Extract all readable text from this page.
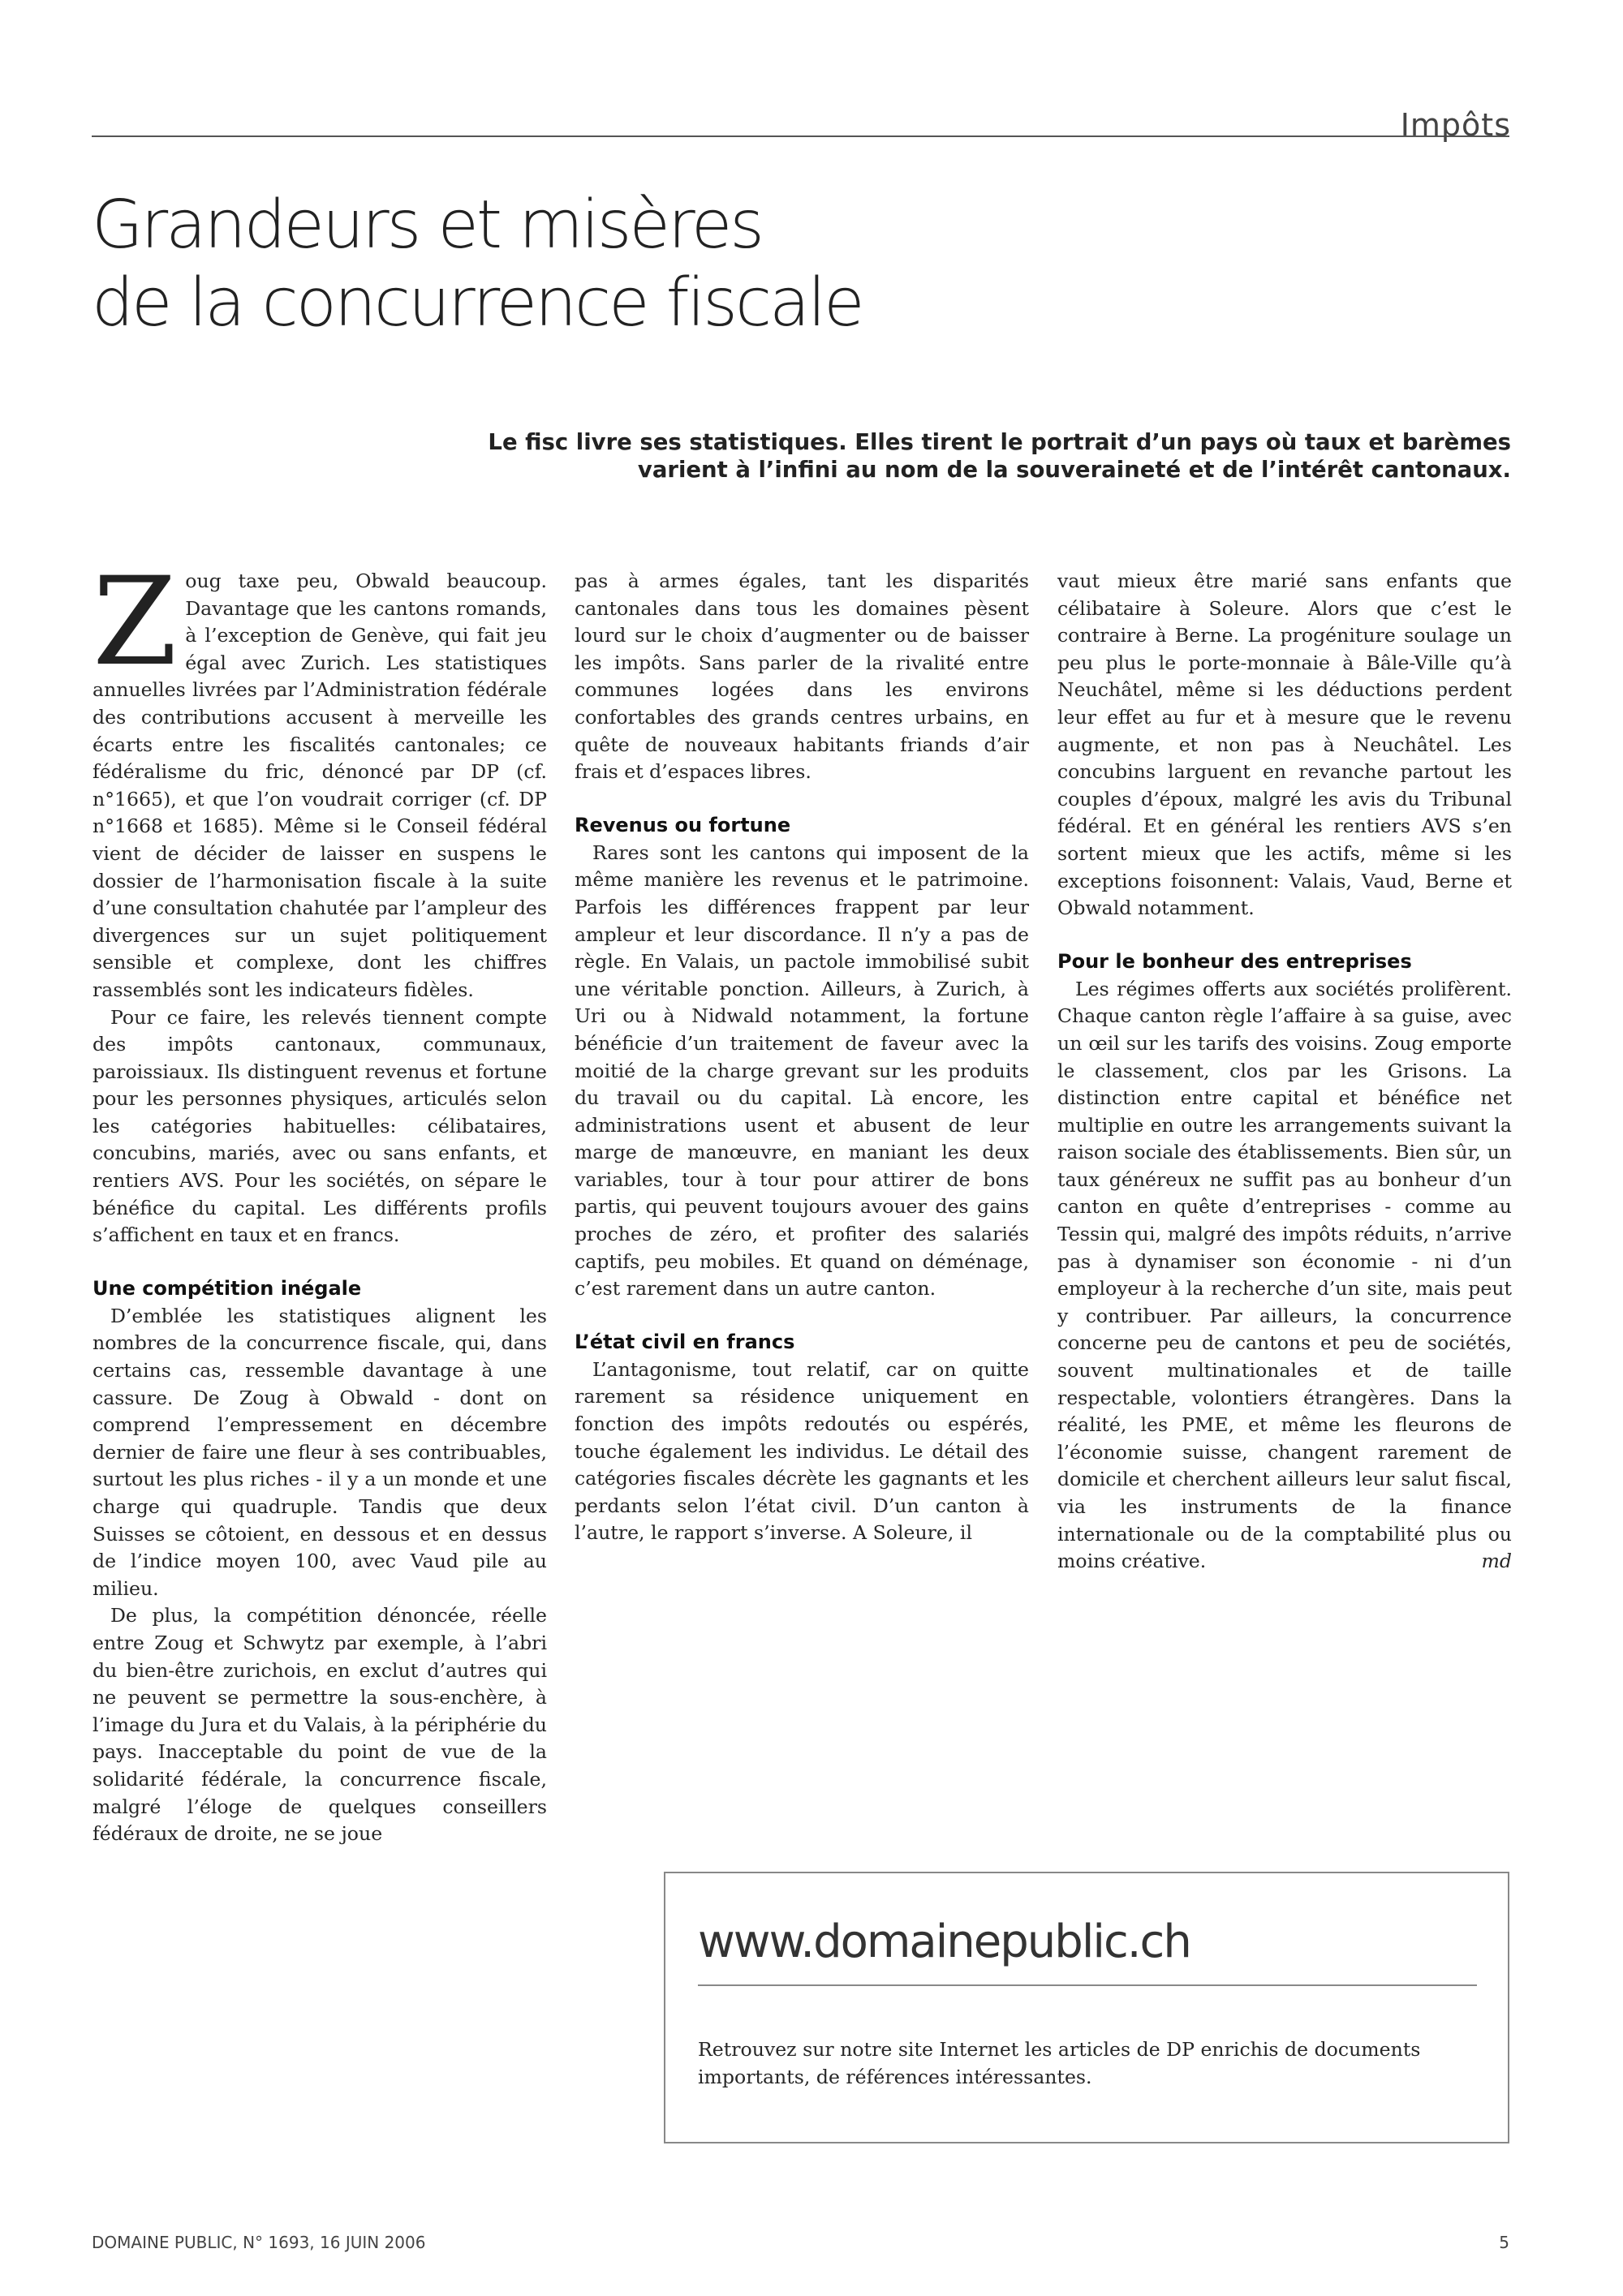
Impôts
Grandeurs et misères
de la concurrence fiscale
Le fisc livre ses statistiques. Elles tirent le portrait d’un pays où taux et barèmes
varient à l’infini au nom de la souveraineté et de l’intérêt cantonaux.

Zoug taxe peu, Obwald beaucoup. Davantage que les cantons romands, à l’exception de Genève, qui fait jeu égal avec Zurich. Les statistiques annuelles livrées par l’Administration fédérale des contributions accusent à merveille les écarts entre les fiscalités cantonales; ce fédéralisme du fric, dénoncé par DP (cf. n°1665), et que l’on voudrait corriger (cf. DP n°1668 et 1685). Même si le Conseil fédéral vient de décider de laisser en suspens le dossier de l’harmonisation fiscale à la suite d’une consultation chahutée par l’ampleur des divergences sur un sujet politiquement sensible et complexe, dont les chiffres rassemblés sont les indicateurs fidèles.

Pour ce faire, les relevés tiennent compte des impôts cantonaux, communaux, paroissiaux. Ils distinguent revenus et fortune pour les personnes physiques, articulés selon les catégories habituelles: célibataires, concubins, mariés, avec ou sans enfants, et rentiers AVS. Pour les sociétés, on sépare le bénéfice du capital. Les différents profils s’affichent en taux et en francs.

Une compétition inégale

D’emblée les statistiques alignent les nombres de la concurrence fiscale, qui, dans certains cas, ressemble davantage à une cassure. De Zoug à Obwald - dont on comprend l’empressement en décembre dernier de faire une fleur à ses contribuables, surtout les plus riches - il y a un monde et une charge qui quadruple. Tandis que deux Suisses se côtoient, en dessous et en dessus de l’indice moyen 100, avec Vaud pile au milieu.

De plus, la compétition dénoncée, réelle entre Zoug et Schwytz par exemple, à l’abri du bien-être zurichois, en exclut d’autres qui ne peuvent se permettre la sous-enchère, à l’image du Jura et du Valais, à la périphérie du pays. Inacceptable du point de vue de la solidarité fédérale, la concurrence fiscale, malgré l’éloge de quelques conseillers fédéraux de droite, ne se joue

pas à armes égales, tant les disparités cantonales dans tous les domaines pèsent lourd sur le choix d’augmenter ou de baisser les impôts. Sans parler de la rivalité entre communes logées dans les environs confortables des grands centres urbains, en quête de nouveaux habitants friands d’air frais et d’espaces libres.

Revenus ou fortune

Rares sont les cantons qui imposent de la même manière les revenus et le patrimoine. Parfois les différences frappent par leur ampleur et leur discordance. Il n’y a pas de règle. En Valais, un pactole immobilisé subit une véritable ponction. Ailleurs, à Zurich, à Uri ou à Nidwald notamment, la fortune bénéficie d’un traitement de faveur avec la moitié de la charge grevant sur les produits du travail ou du capital. Là encore, les administrations usent et abusent de leur marge de manœuvre, en maniant les deux variables, tour à tour pour attirer de bons partis, qui peuvent toujours avouer des gains proches de zéro, et profiter des salariés captifs, peu mobiles. Et quand on déménage, c’est rarement dans un autre canton.

L’état civil en francs

L’antagonisme, tout relatif, car on quitte rarement sa résidence uniquement en fonction des impôts redoutés ou espérés, touche également les individus. Le détail des catégories fiscales décrète les gagnants et les perdants selon l’état civil. D’un canton à l’autre, le rapport s’inverse. A Soleure, il

vaut mieux être marié sans enfants que célibataire à Soleure. Alors que c’est le contraire à Berne. La progéniture soulage un peu plus le porte-monnaie à Bâle-Ville qu’à Neuchâtel, même si les déductions perdent leur effet au fur et à mesure que le revenu augmente, et non pas à Neuchâtel. Les concubins larguent en revanche partout les couples d’époux, malgré les avis du Tribunal fédéral. Et en général les rentiers AVS s’en sortent mieux que les actifs, même si les exceptions foisonnent: Valais, Vaud, Berne et Obwald notamment.

Pour le bonheur des entreprises

Les régimes offerts aux sociétés prolifèrent. Chaque canton règle l’affaire à sa guise, avec un œil sur les tarifs des voisins. Zoug emporte le classement, clos par les Grisons. La distinction entre capital et bénéfice net multiplie en outre les arrangements suivant la raison sociale des établissements. Bien sûr, un taux généreux ne suffit pas au bonheur d’un canton en quête d’entreprises - comme au Tessin qui, malgré des impôts réduits, n’arrive pas à dynamiser son économie - ni d’un employeur à la recherche d’un site, mais peut y contribuer. Par ailleurs, la concurrence concerne peu de cantons et peu de sociétés, souvent multinationales et de taille respectable, volontiers étrangères. Dans la réalité, les PME, et même les fleurons de l’économie suisse, changent rarement de domicile et cherchent ailleurs leur salut fiscal, via les instruments de la finance internationale ou de la comptabilité plus ou moins créative.	md

www.domainepublic.ch
Retrouvez sur notre site Internet les articles de DP enrichis de documents importants, de références intéressantes.
DOMAINE PUBLIC, N° 1693, 16 JUIN 2006	5
